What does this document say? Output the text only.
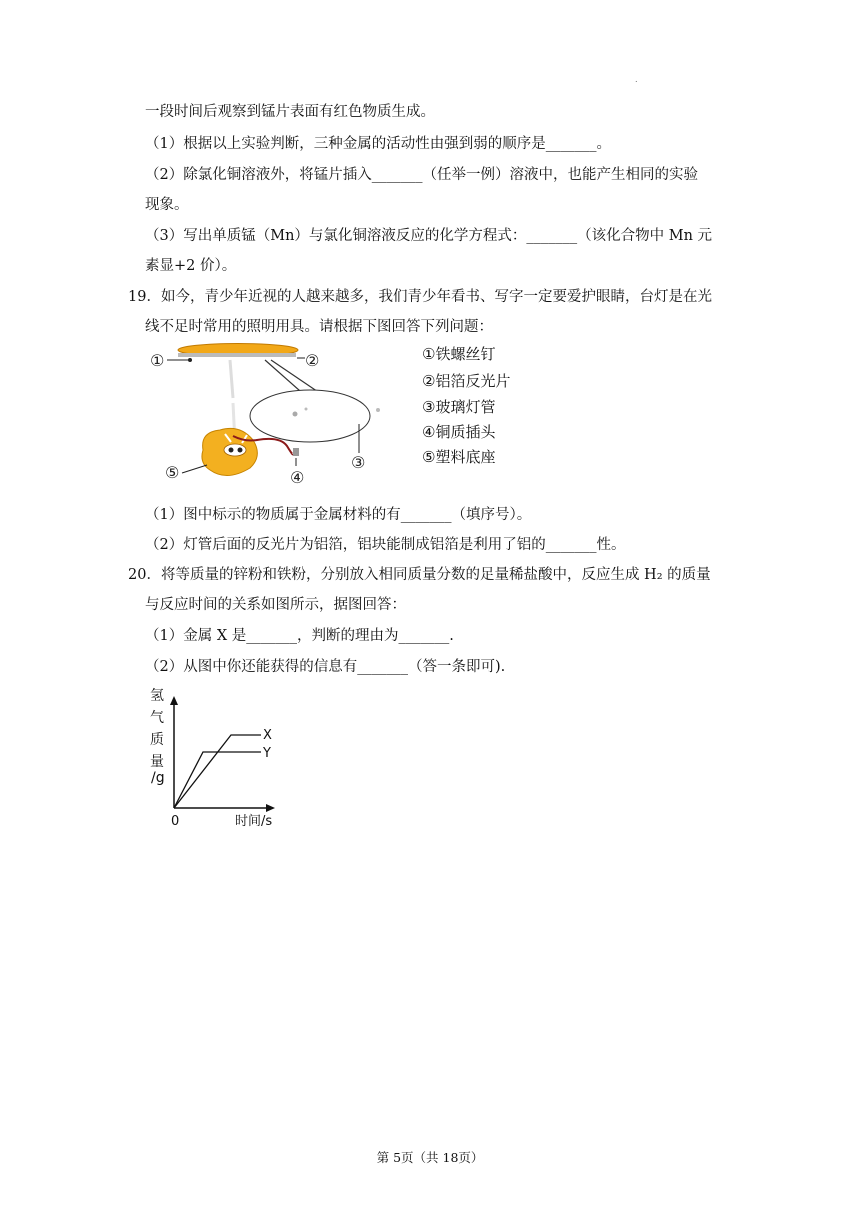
.
一段时间后观察到锰片表面有红色物质生成。
（1）根据以上实验判断，三种金属的活动性由强到弱的顺序是_______。
（2）除氯化铜溶液外，将锰片插入_______（任举一例）溶液中，也能产生相同的实验
现象。
（3）写出单质锰（Mn）与氯化铜溶液反应的化学方程式：_______（该化合物中 Mn 元
素显+2 价）。
19．如今，青少年近视的人越来越多，我们青少年看书、写字一定要爱护眼睛，台灯是在光
线不足时常用的照明用具。请根据下图回答下列问题：
①	②
③
④
⑤
①铁螺丝钉
②铝箔反光片
③玻璃灯管
④铜质插头
⑤塑料底座
（1）图中标示的物质属于金属材料的有_______（填序号）。
（2）灯管后面的反光片为铝箔，铝块能制成铝箔是利用了铝的_______性。
20．将等质量的锌粉和铁粉，分别放入相同质量分数的足量稀盐酸中，反应生成 H₂ 的质量
与反应时间的关系如图所示，据图回答：
（1）金属 X 是_______，判断的理由为_______.
（2）从图中你还能获得的信息有_______（答一条即可).
氢
气
质
量
/g
X
Y
0	时间/s
第 5页（共 18页）
